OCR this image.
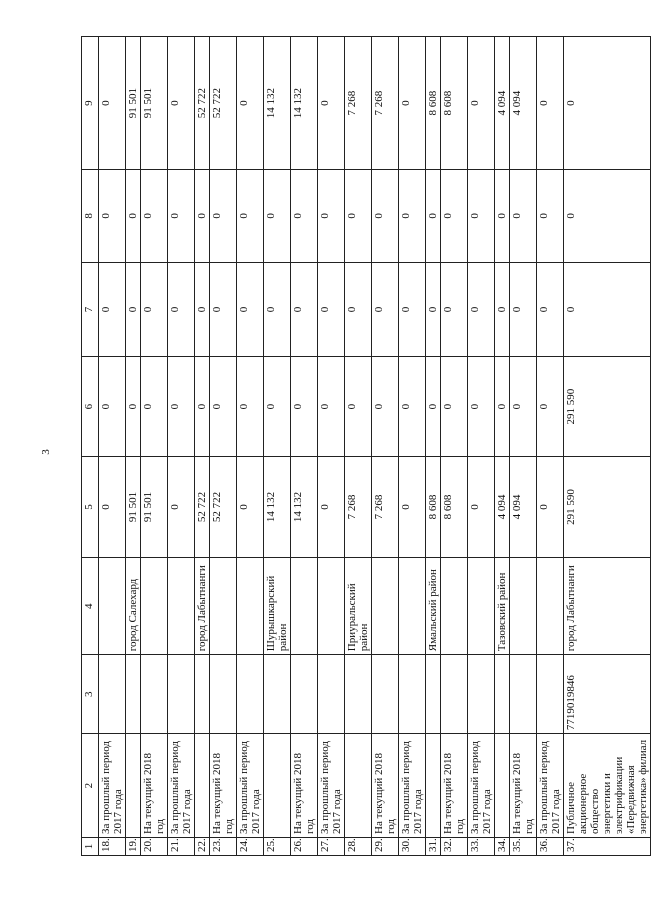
3
1	2	3	4	5	6	7	8	9
18.	За прошлый период 2017 года			0	0	0	0	0
19.			город Салехард	91 501	0	0	0	91 501
20.	На текущий 2018 год			91 501	0	0	0	91 501
21.	За прошлый период 2017 года			0	0	0	0	0
22.			город Лабытнанги	52 722	0	0	0	52 722
23.	На текущий 2018 год			52 722	0	0	0	52 722
24.	За прошлый период 2017 года			0	0	0	0	0
25.			Шурышкарский район	14 132	0	0	0	14 132
26.	На текущий 2018 год			14 132	0	0	0	14 132
27.	За прошлый период 2017 года			0	0	0	0	0
28.			Приуральский район	7 268	0	0	0	7 268
29.	На текущий 2018 год			7 268	0	0	0	7 268
30.	За прошлый период 2017 года			0	0	0	0	0
31.			Ямальский район	8 608	0	0	0	8 608
32.	На текущий 2018 год			8 608	0	0	0	8 608
33.	За прошлый период 2017 года			0	0	0	0	0
34.			Тазовский район	4 094	0	0	0	4 094
35.	На текущий 2018 год			4 094	0	0	0	4 094
36.	За прошлый период 2017 года			0	0	0	0	0
37.	Публичное акционерное общество энергетики и электрификации «Передвижная энергетика» филиал	7719019846	город Лабытнанги	291 590	291 590	0	0	0
